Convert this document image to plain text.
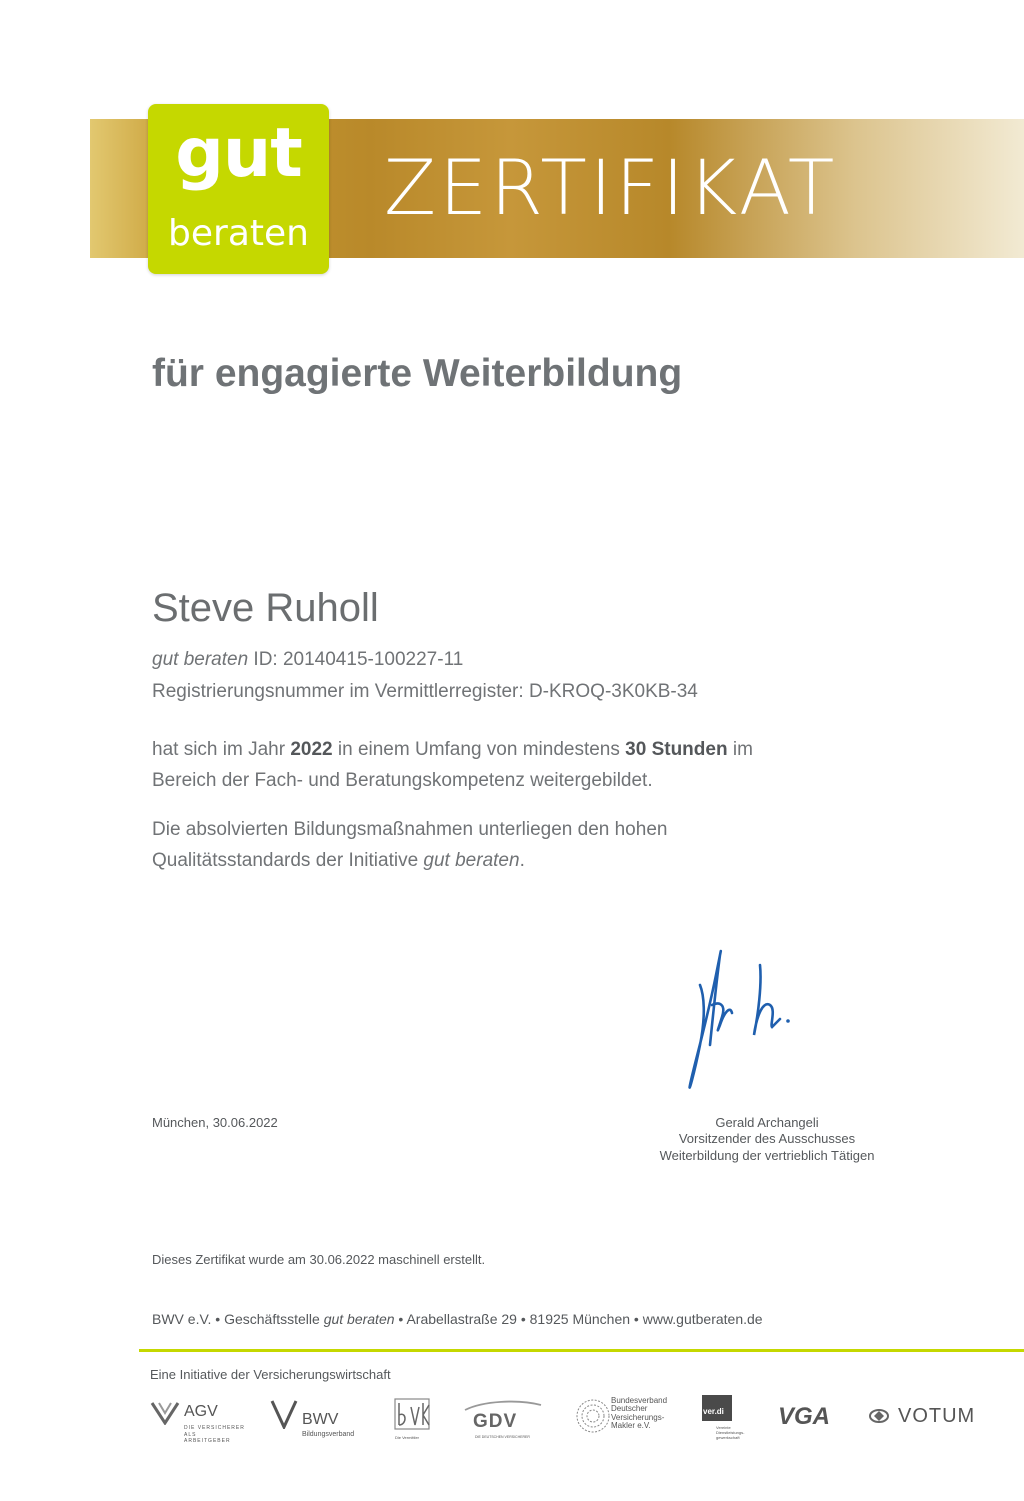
gut
beraten
ZERTIFIKAT
für engagierte Weiterbildung
Steve Ruholl
gut beraten ID: 20140415-100227-11
Registrierungsnummer im Vermittlerregister: D-KROQ-3K0KB-34
hat sich im Jahr 2022 in einem Umfang von mindestens 30 Stunden im
Bereich der Fach- und Beratungskompetenz weitergebildet.
Die absolvierten Bildungsmaßnahmen unterliegen den hohen
Qualitätsstandards der Initiative gut beraten.
München, 30.06.2022	Gerald Archangeli
Vorsitzender des Ausschusses
Weiterbildung der vertrieblich Tätigen
Dieses Zertifikat wurde am 30.06.2022 maschinell erstellt.
BWV e.V. • Geschäftsstelle gut beraten • Arabellastraße 29 • 81925 München • www.gutberaten.de
Eine Initiative der Versicherungswirtschaft
AGV
DIE VERSICHERER
ALS ARBEITGEBER
BWV
Bildungsverband	Die Vermittler
GDV
DIE DEUTSCHEN VERSICHERER
Bundesverband
Deutscher
Versicherungs-
Makler e.V.
ver.di
Vereinte
Dienstleistungs-
gewerkschaft
VGA	VOTUM
